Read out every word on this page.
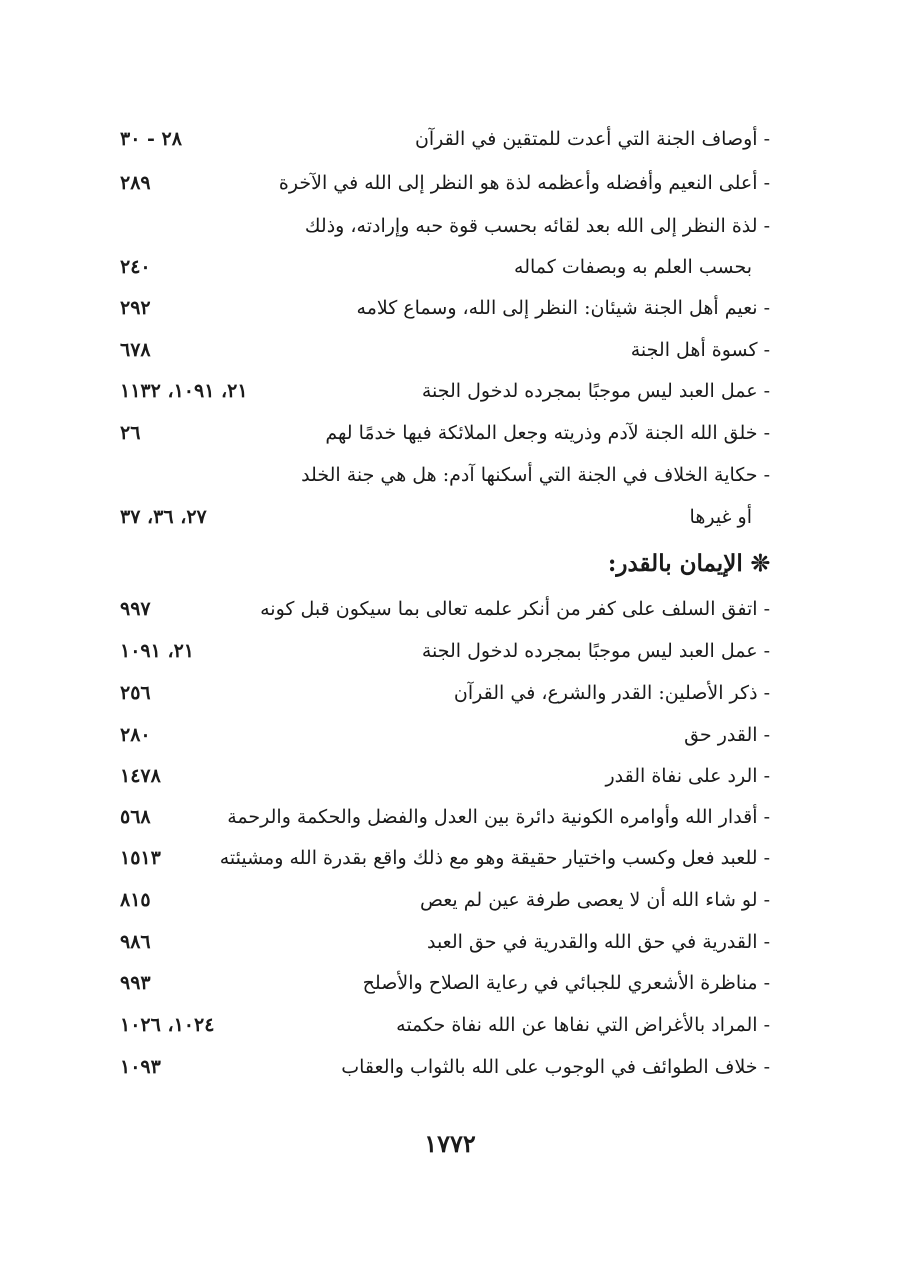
- أوصاف الجنة التي أعدت للمتقين في القرآن
٢٨ - ٣٠
- أعلى النعيم وأفضله وأعظمه لذة هو النظر إلى الله في الآخرة
٢٨٩
- لذة النظر إلى الله بعد لقائه بحسب قوة حبه وإرادته، وذلك
بحسب العلم به وبصفات كماله
٢٤٠
- نعيم أهل الجنة شيئان: النظر إلى الله، وسماع كلامه
٢٩٢
- كسوة أهل الجنة
٦٧٨
- عمل العبد ليس موجبًا بمجرده لدخول الجنة
٢١، ١٠٩١، ١١٣٢
- خلق الله الجنة لآدم وذريته وجعل الملائكة فيها خدمًا لهم
٢٦
- حكاية الخلاف في الجنة التي أسكنها آدم: هل هي جنة الخلد
أو غيرها
٢٧، ٣٦، ٣٧
❊ الإيمان بالقدر:
- اتفق السلف على كفر من أنكر علمه تعالى بما سيكون قبل كونه
٩٩٧
- عمل العبد ليس موجبًا بمجرده لدخول الجنة
٢١، ١٠٩١
- ذكر الأصلين: القدر والشرع، في القرآن
٢٥٦
- القدر حق
٢٨٠
- الرد على نفاة القدر
١٤٧٨
- أقدار الله وأوامره الكونية دائرة بين العدل والفضل والحكمة والرحمة
٥٦٨
- للعبد فعل وكسب واختيار حقيقة وهو مع ذلك واقع بقدرة الله ومشيئته
١٥١٣
- لو شاء الله أن لا يعصى طرفة عين لم يعص
٨١٥
- القدرية في حق الله والقدرية في حق العبد
٩٨٦
- مناظرة الأشعري للجبائي في رعاية الصلاح والأصلح
٩٩٣
- المراد بالأغراض التي نفاها عن الله نفاة حكمته
١٠٢٤، ١٠٢٦
- خلاف الطوائف في الوجوب على الله بالثواب والعقاب
١٠٩٣
١٧٧٢
